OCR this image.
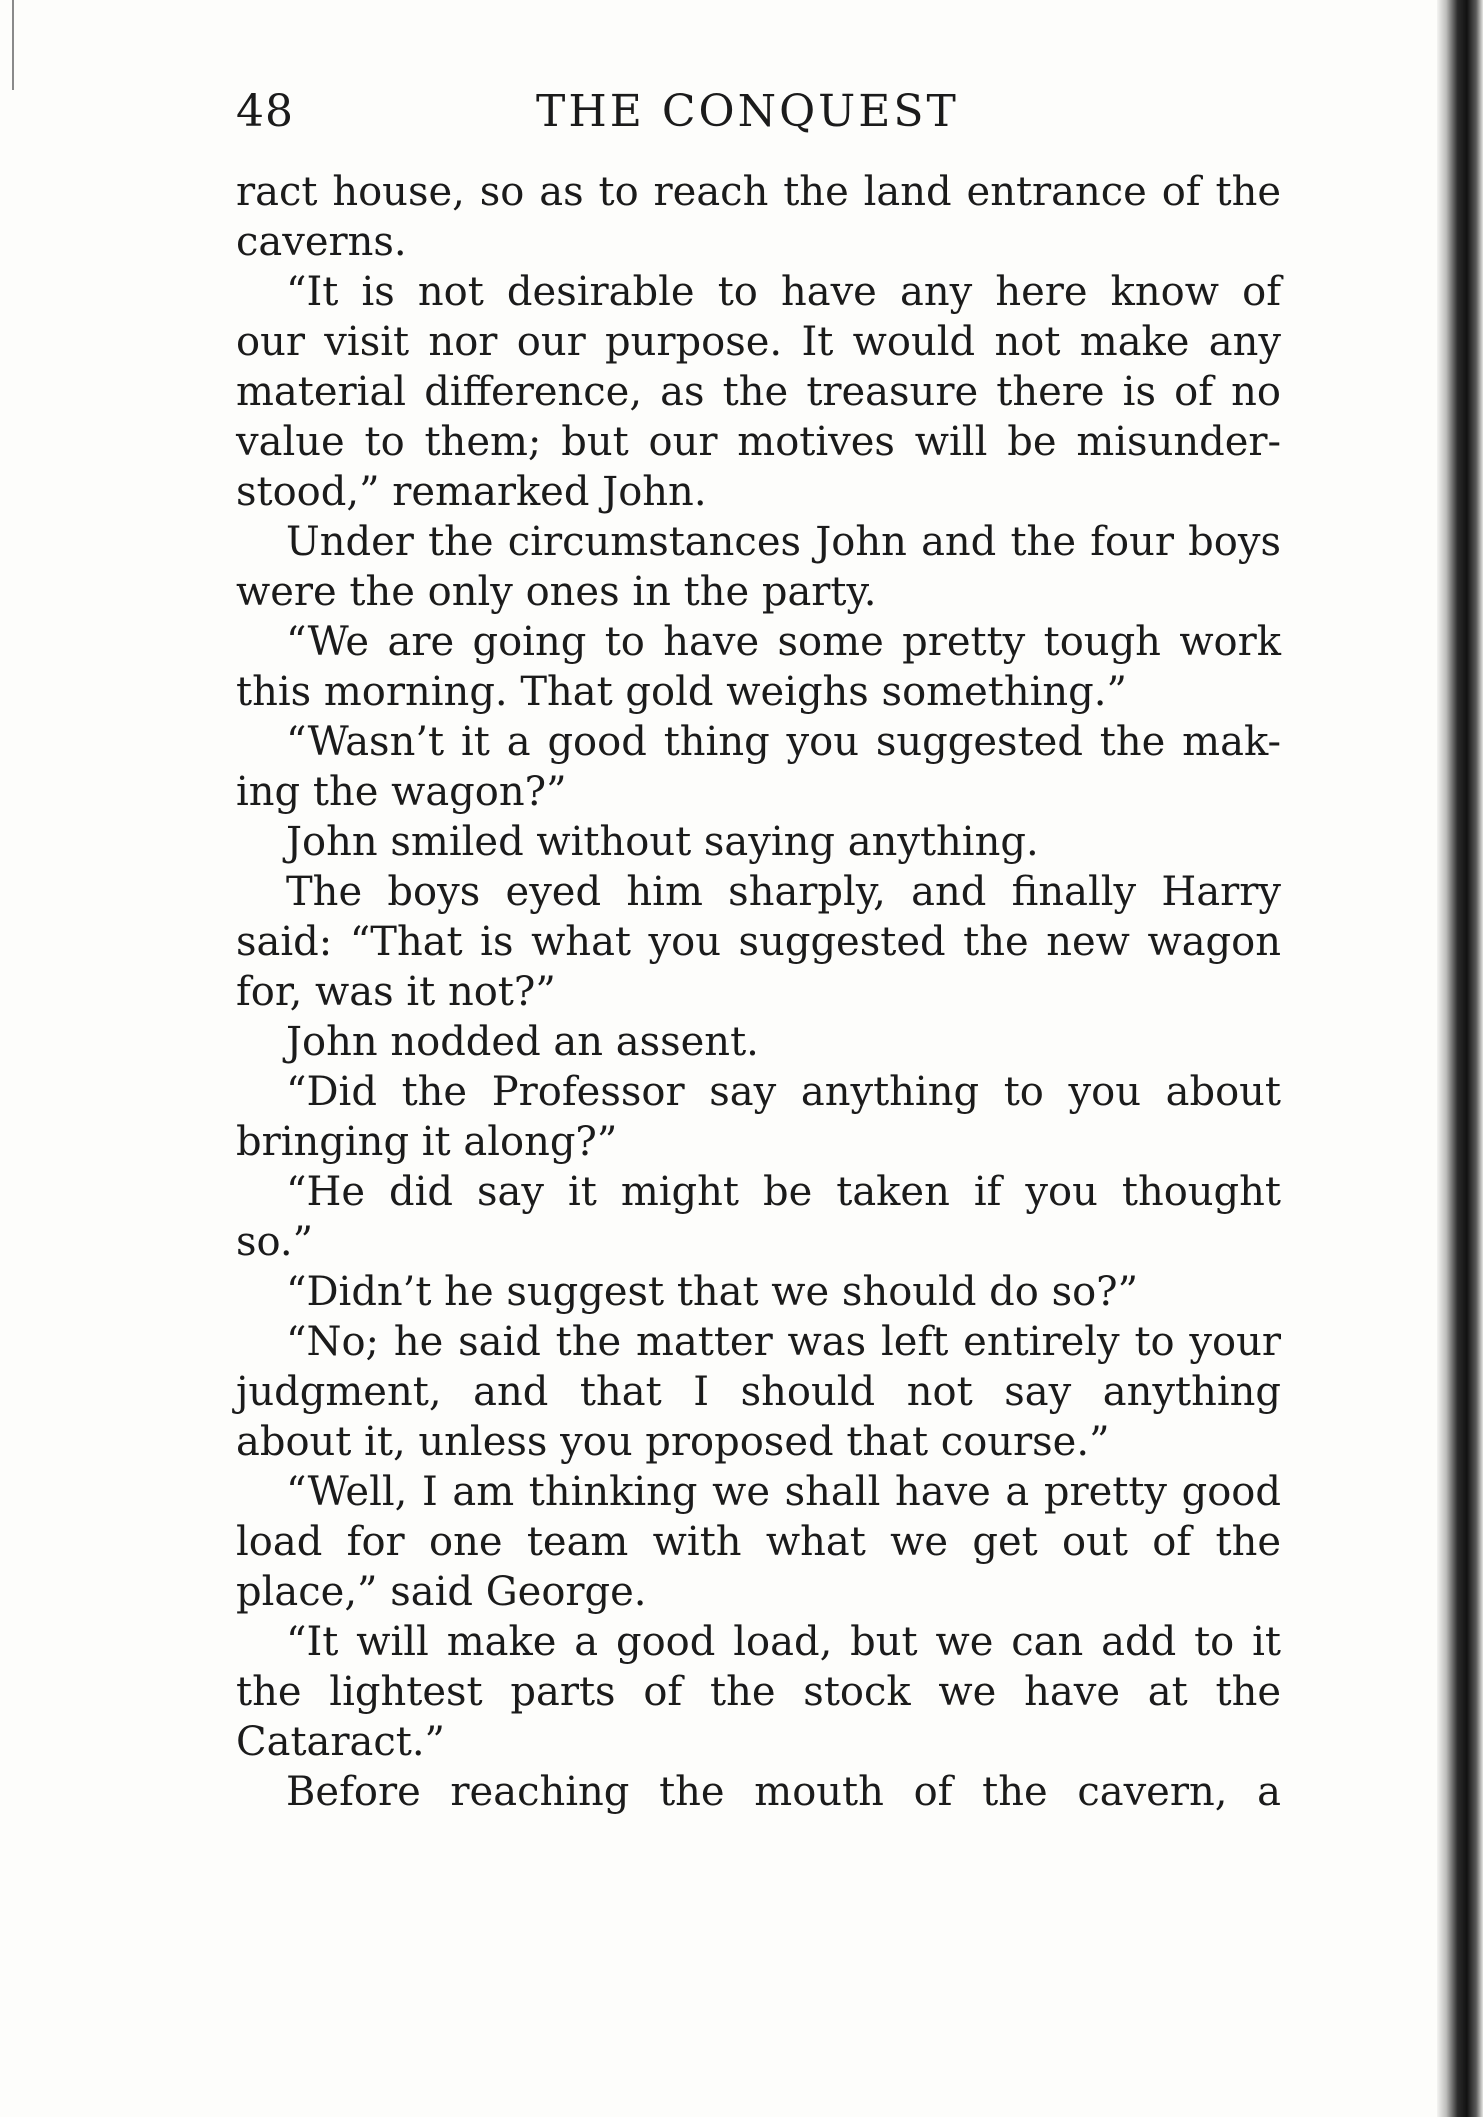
48	THE CONQUEST
ract house, so as to reach the land entrance of the
caverns.
“It is not desirable to have any here know of
our visit nor our purpose. It would not make any
material difference, as the treasure there is of no
value to them; but our motives will be misunder-
stood,” remarked John.
Under the circumstances John and the four boys
were the only ones in the party.
“We are going to have some pretty tough work
this morning. That gold weighs something.”
“Wasn’t it a good thing you suggested the mak-
ing the wagon?”
John smiled without saying anything.
The boys eyed him sharply, and finally Harry
said: “That is what you suggested the new wagon
for, was it not?”
John nodded an assent.
“Did the Professor say anything to you about
bringing it along?”
“He did say it might be taken if you thought
so.”
“Didn’t he suggest that we should do so?”
“No; he said the matter was left entirely to your
judgment, and that I should not say anything
about it, unless you proposed that course.”
“Well, I am thinking we shall have a pretty good
load for one team with what we get out of the
place,” said George.
“It will make a good load, but we can add to it
the lightest parts of the stock we have at the
Cataract.”
Before reaching the mouth of the cavern, a
